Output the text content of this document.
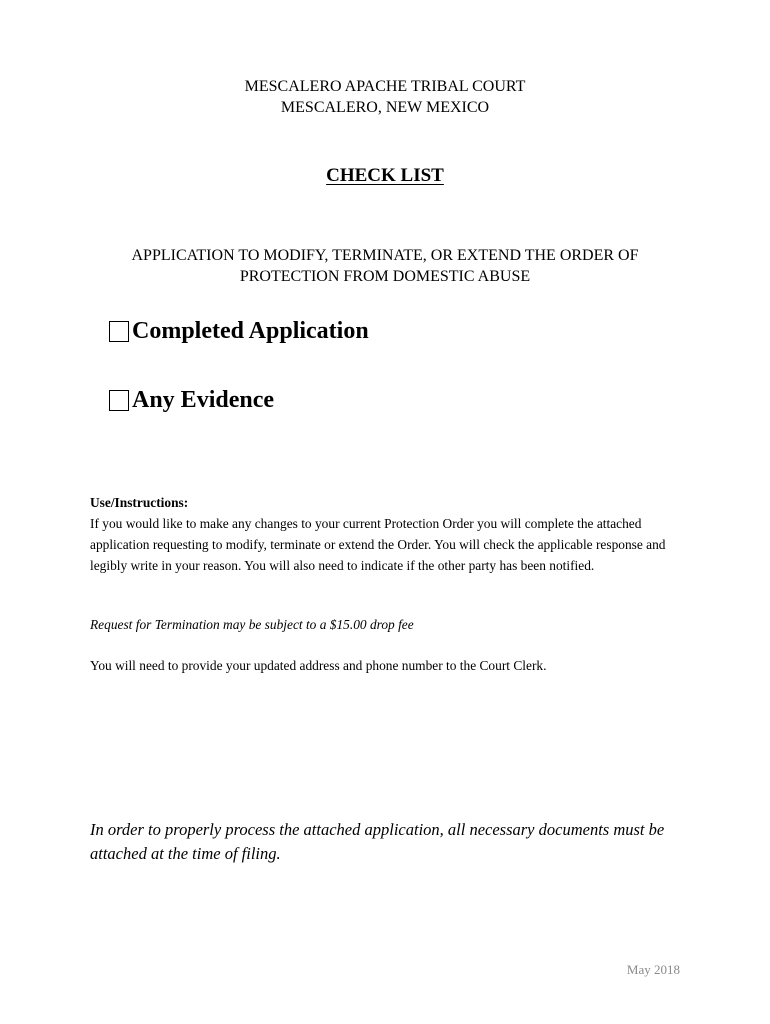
MESCALERO APACHE TRIBAL COURT
MESCALERO, NEW MEXICO
CHECK LIST
APPLICATION TO MODIFY, TERMINATE, OR EXTEND THE ORDER OF
PROTECTION FROM DOMESTIC ABUSE
Completed Application
Any Evidence
Use/Instructions:

If you would like to make any changes to your current Protection Order you will complete the attached application requesting to modify, terminate or extend the Order. You will check the applicable response and legibly write in your reason. You will also need to indicate if the other party has been notified.

Request for Termination may be subject to a $15.00 drop fee
You will need to provide your updated address and phone number to the Court Clerk.
In order to properly process the attached application, all necessary documents must be attached at the time of filing.
May 2018
